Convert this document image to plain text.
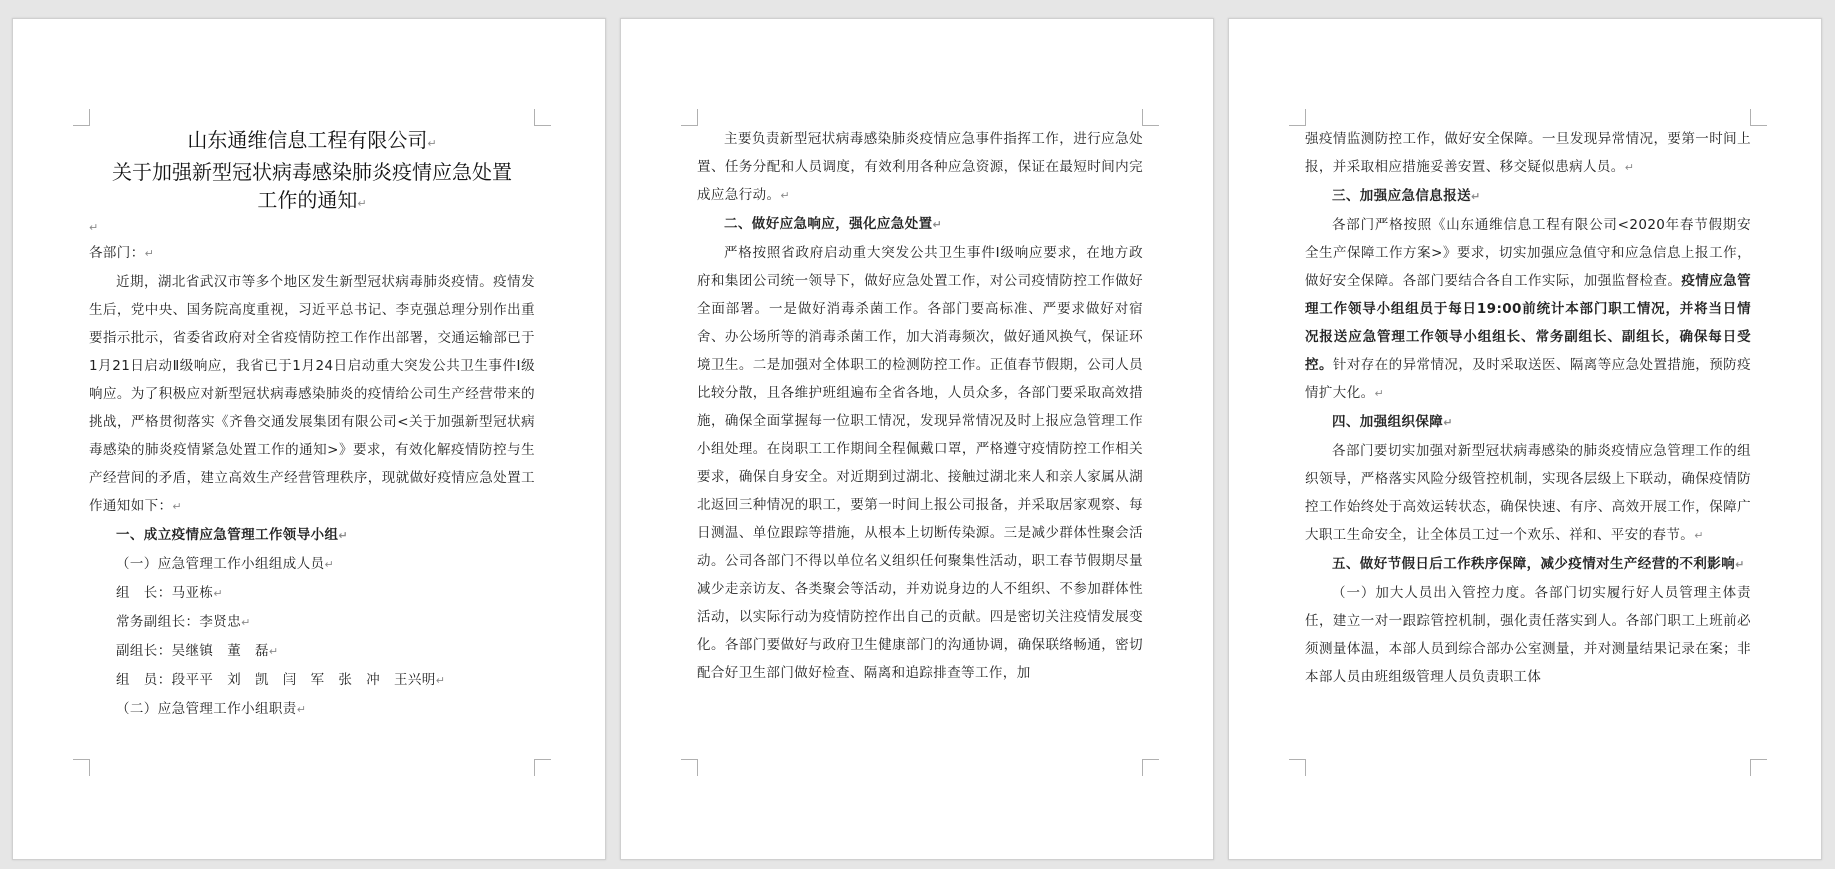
山东通维信息工程有限公司↵
关于加强新型冠状病毒感染肺炎疫情应急处置
工作的通知↵
↵

各部门：↵

近期，湖北省武汉市等多个地区发生新型冠状病毒肺炎疫情。疫情发生后，党中央、国务院高度重视，习近平总书记、李克强总理分别作出重要指示批示，省委省政府对全省疫情防控工作作出部署，交通运输部已于1月21日启动Ⅱ级响应，我省已于1月24日启动重大突发公共卫生事件Ⅰ级响应。为了积极应对新型冠状病毒感染肺炎的疫情给公司生产经营带来的挑战，严格贯彻落实《齐鲁交通发展集团有限公司<关于加强新型冠状病毒感染的肺炎疫情紧急处置工作的通知>》要求，有效化解疫情防控与生产经营间的矛盾，建立高效生产经营管理秩序，现就做好疫情应急处置工作通知如下：↵

一、成立疫情应急管理工作领导小组↵

（一）应急管理工作小组组成人员↵

组　长：马亚栋↵

常务副组长：李贤忠↵

副组长：吴继镇　董　磊↵

组　员：段平平　刘　凯　闫　军　张　冲　王兴明↵

（二）应急管理工作小组职责↵

主要负责新型冠状病毒感染肺炎疫情应急事件指挥工作，进行应急处置、任务分配和人员调度，有效利用各种应急资源，保证在最短时间内完成应急行动。↵

二、做好应急响应，强化应急处置↵

严格按照省政府启动重大突发公共卫生事件Ⅰ级响应要求，在地方政府和集团公司统一领导下，做好应急处置工作，对公司疫情防控工作做好全面部署。一是做好消毒杀菌工作。各部门要高标准、严要求做好对宿舍、办公场所等的消毒杀菌工作，加大消毒频次，做好通风换气，保证环境卫生。二是加强对全体职工的检测防控工作。正值春节假期，公司人员比较分散，且各维护班组遍布全省各地，人员众多，各部门要采取高效措施，确保全面掌握每一位职工情况，发现异常情况及时上报应急管理工作小组处理。在岗职工工作期间全程佩戴口罩，严格遵守疫情防控工作相关要求，确保自身安全。对近期到过湖北、接触过湖北来人和亲人家属从湖北返回三种情况的职工，要第一时间上报公司报备，并采取居家观察、每日测温、单位跟踪等措施，从根本上切断传染源。三是减少群体性聚会活动。公司各部门不得以单位名义组织任何聚集性活动，职工春节假期尽量减少走亲访友、各类聚会等活动，并劝说身边的人不组织、不参加群体性活动，以实际行动为疫情防控作出自己的贡献。四是密切关注疫情发展变化。各部门要做好与政府卫生健康部门的沟通协调，确保联络畅通，密切配合好卫生部门做好检查、隔离和追踪排查等工作，加

强疫情监测防控工作，做好安全保障。一旦发现异常情况，要第一时间上报，并采取相应措施妥善安置、移交疑似患病人员。↵

三、加强应急信息报送↵

各部门严格按照《山东通维信息工程有限公司<2020年春节假期安全生产保障工作方案>》要求，切实加强应急值守和应急信息上报工作，做好安全保障。各部门要结合各自工作实际，加强监督检查。疫情应急管理工作领导小组组员于每日19:00前统计本部门职工情况，并将当日情况报送应急管理工作领导小组组长、常务副组长、副组长，确保每日受控。针对存在的异常情况，及时采取送医、隔离等应急处置措施，预防疫情扩大化。↵

四、加强组织保障↵

各部门要切实加强对新型冠状病毒感染的肺炎疫情应急管理工作的组织领导，严格落实风险分级管控机制，实现各层级上下联动，确保疫情防控工作始终处于高效运转状态，确保快速、有序、高效开展工作，保障广大职工生命安全，让全体员工过一个欢乐、祥和、平安的春节。↵

五、做好节假日后工作秩序保障，减少疫情对生产经营的不利影响↵

（一）加大人员出入管控力度。各部门切实履行好人员管理主体责任，建立一对一跟踪管控机制，强化责任落实到人。各部门职工上班前必须测量体温，本部人员到综合部办公室测量，并对测量结果记录在案；非本部人员由班组级管理人员负责职工体
